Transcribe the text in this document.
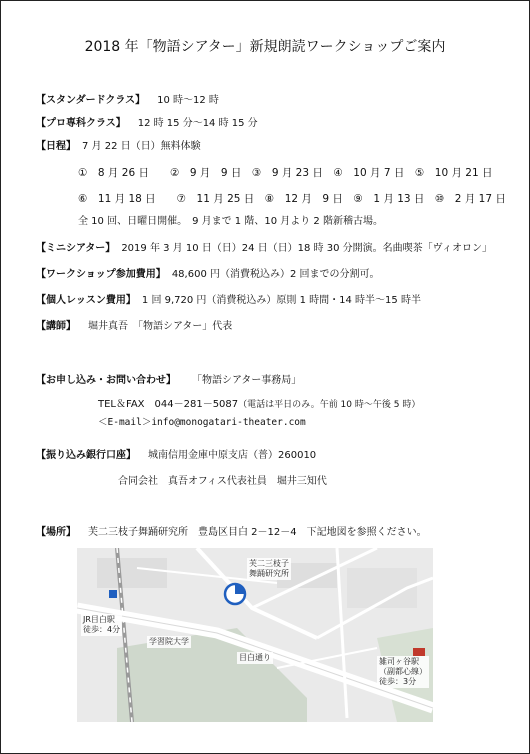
2018 年「物語シアター」新規朗読ワークショップご案内
【スタンダードクラス】 10 時～12 時
【プロ専科クラス】 12 時 15 分～14 時 15 分
【日程】 7 月 22 日（日）無料体験
①　8 月 26 日　　②　9 月　9 日　③　9 月 23 日　④　10 月 7 日　⑤　10 月 21 日
⑥　11 月 18 日　　⑦　11 月 25 日　⑧　12 月　9 日　⑨　1 月 13 日　⑩　2 月 17 日
全 10 回、日曜日開催。　9 月まで 1 階、10 月より 2 階新稽古場。
【ミニシアター】 2019 年 3 月 10 日（日）24 日（日）18 時 30 分開演。名曲喫茶「ヴィオロン」
【ワークショップ参加費用】 48,600 円（消費税込み）2 回までの分割可。
【個人レッスン費用】 1 回 9,720 円（消費税込み）原則 1 時間・14 時半～15 時半
【講師】 堀井真吾　「物語シアター」代表
【お申し込み・お問い合わせ】 「物語シアター事務局」
TEL＆FAX　044－281－5087（電話は平日のみ。午前 10 時～午後 5 時）
＜E-mail＞info@monogatari-theater.com
【振り込み銀行口座】 城南信用金庫中原支店（普）260010
合同会社　真吾オフィス代表社員　堀井三知代
【場所】 芙二三枝子舞踊研究所　豊島区目白 2－12－4　下記地図を参照ください。
芙二三枝子
舞踊研究所
JR目白駅
徒歩：4分
学習院大学
目白通り	雑司ヶ谷駅
（副都心線）
徒歩：3分
